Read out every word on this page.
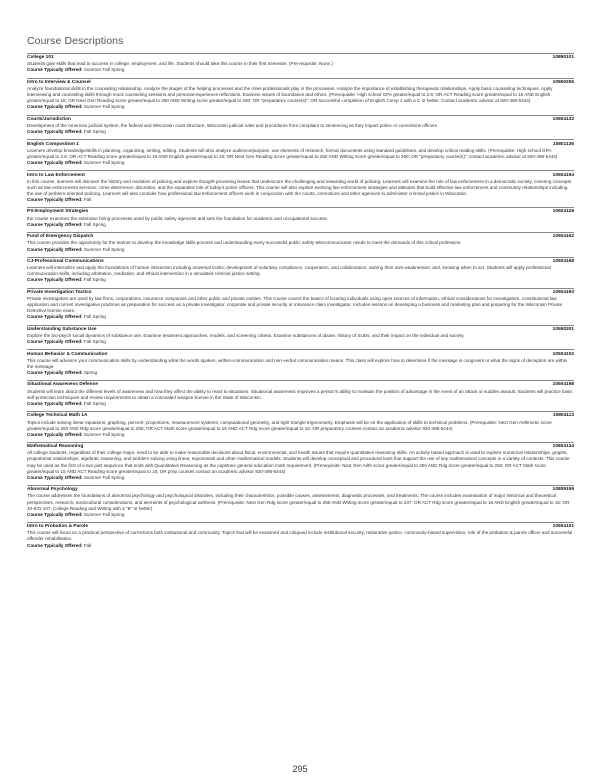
Course Descriptions
College 101	10890101

Students gain skills that lead to success in college, employment, and life. Students should take this course in their first semester. (Pre-requisite: None.)

Course Typically Offered: Summer Fall Spring
Intro to Interview & Counsel	10550206

Analyze foundational skills in the counseling relationship. Analyze the stages of the helping processes and the roles professionals play in the processes. Analyze the importance of establishing therapeutic relationships. Apply basic counseling techniques. Apply interviewing and counseling skills through mock counseling sessions and personal-experience reflections. Examine issues of boundaries and ethics. (Prerequisite: High school GPA greater/equal to 2.6; OR ACT Reading score greater/equal to 16 AND English greater/equal to 18; OR Next Gen Reading score greater/equal to 250 AND Writing score greater/equal to 260; OR "preparatory course(s)"; OR successful completion of English Comp 1 with a C or better. Contact academic advisor at 920-498-5444)

Course Typically Offered: Summer Fall Spring
Courts/Jurisdiction	10504132

Development of the American judicial system, the federal and Wisconsin court structure, Wisconsin judicial rules and procedures from complaint to sentencing as they impact police or corrections officers.

Course Typically Offered: Fall Spring
English Composition 1	10801136

Learners develop knowledge/skills in planning, organizing, writing, editing. Students will also analyze audience/purpose, use elements of research, format documents using standard guidelines, and develop critical reading skills. (Prerequisite: High school GPA greater/equal to 2.6; OR ACT Reading score greater/equal to 16 AND English greater/equal to 18; OR Next Gen Reading score greater/equal to 250 AND Writing score greater/equal to 260; OR "preparatory course(s)"; contact academic advisor at 920-498-5444)

Course Typically Offered: Summer Fall Spring
Intro to Law Enforcement	10504194

In this course, learners will discover the history and evolution of policing and explore thought-provoking issues that underscore the challenging and rewarding world of policing. Learners will examine the role of law enforcement in a democratic society, covering concepts such as law enforcement services; crime deterrence; discretion, and the expanded role of today's police officers. This course will also explore evolving law enforcement strategies and attitudes that build effective law enforcement and community relationships including the use of problem-oriented policing. Learners will also consider how professional law enforcement officers work in conjunction with the courts, corrections and other agencies to administer criminal justice in Wisconsin.

Course Typically Offered: Fall
PS-Employment Strategies	10504128

the course examines the extensive hiring processes used by public safety agencies and sets the foundation for academic and occupational success.

Course Typically Offered: Fall Spring
Fund of Emergency Dispatch	10504162

This course provides the opportunity for the learner to develop the knowledge skills process and understanding every successful public safety telecommunicator needs to meet the demands of this critical profession.

Course Typically Offered: Summer Fall Spring
CJ-Professional Communications	10504168

Learners will internalize and apply the foundations of human interaction including universal truths; development of voluntary compliance, cooperation, and collaboration; owning their own weaknesses; and, knowing when to act. Students will apply professional communication skills, including arbitration, mediation, and ethical intervention in a simulated criminal justice setting.

Course Typically Offered: Fall Spring
Private Investigation Tactics	10504193

Private investigators are used by law firms, corporations, insurance companies and other public and private entities. This course covers the basics of locating individuals using open sources of information, ethical considerations for investigators, constitutional law application and current investigative practices as preparation for success as a private investigator, corporate and private security or insurance claim investigator. Includes lessons on developing a business and marketing plan and preparing for the Wisconsin Private Detective license exam.

Course Typically Offered: Fall Spring
Understanding Substance Use	10550201

Explore the bio-psych social dynamics of substance use. Examine treatment approaches, models, and screening criteria. Examine substances of abuse, history of SUDs, and their impact on the individual and society.

Course Typically Offered: Fall Spring
Human Behavior & Communication	10504102

This course will advance your communication skills by understanding what the words spoken, written-communication and non-verbal communication means. This class will explore how to determine if the message is congruent or what the signs of deception are within the message.

Course Typically Offered: Spring
Situational Awareness Defense	10504198

Students will learn about the different levels of awareness and how they affect the ability to react to situations. Situational awareness improves a person's ability to maintain the position of advantage in the event of an attack or sudden assault. Students will practice basic self-protection techniques and review requirements to obtain a concealed weapon license in the State of Wisconsin.

Course Typically Offered: Fall Spring
College Technical Math 1A	10804113

Topics include solving linear equations; graphing, percent; proportions, measurement systems; computational geometry, and right triangle trigonometry. Emphasis will be on the application of skills to technical problems. (Prerequisite: Next Gen Arithmetic score greater/equal to 250 AND Rdg score greater/equal to 250; OR ACT Math score greater/equal to 15 AND ACT Rdg score greater/equal to 16; OR preparatory courses-contact an academic advisor 920-498-5444)

Course Typically Offered: Summer Fall Spring
Mathematical Reasoning	10804134

All college students, regardless of their college major, need to be able to make reasonable decisions about fiscal, environmental, and health issues that require quantitative reasoning skills. An activity based approach is used to explore numerical relationships, graphs, proportional relationships, algebraic reasoning, and problem solving using linear, exponential and other mathematical models. Students will develop conceptual and procedural tools that support the use of key mathematical concepts in a variety of contexts. This course may be used as the first of a two part sequence that ends with Quantitative Reasoning as the capstone general education math requirement. (Prerequisite: Next Gen Arith score greater/equal to 250 AND Rdg score greater/equal to 250; OR ACT Math score greater/equal to 15 AND ACT Reading score greater/equal to 16; OR prep courses contact an academic advisor 920-498-5444)

Course Typically Offered: Summer Fall Spring
Abnormal Psychology	10809159

The course addresses the foundations of abnormal psychology and psychological disorders, including their characteristics, possible causes, assessments, diagnostic processes, and treatments. The course includes examination of major historical and theoretical perspectives, research, sociocultural considerations, and elements of psychological wellness. (Prerequisite: Next Gen Rdg score greater/equal to 250 AND Writing score greater/equal to 237; OR ACT Rdg score greater/equal to 16 AND English greater/equal to 15; OR 10-831-107, College Reading and Writing with a "B" or better).

Course Typically Offered: Summer Fall Spring
Intro to Probation & Parole	10504101

This course will focus on a practical perspective of corrections both institutional and community. Topics that will be examined and critiqued include institutional security, restorative justice, community-based supervision, role of the probation & parole officer and successful offender rehabilitation.

Course Typically Offered: Fall
295
